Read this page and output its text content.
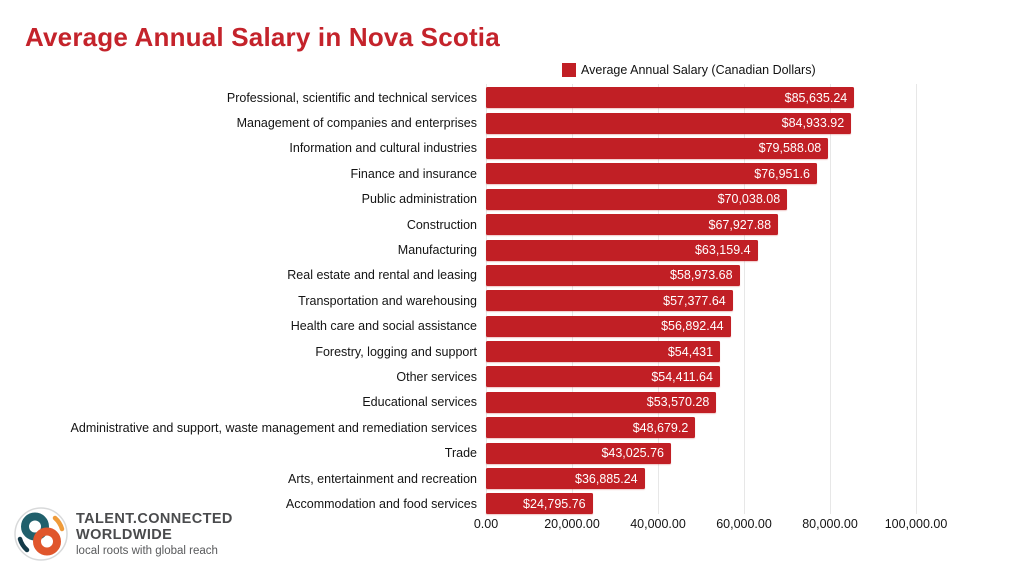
Average Annual Salary in Nova Scotia
Average Annual Salary (Canadian Dollars)
Professional, scientific and technical services	$85,635.24
Management of companies and enterprises	$84,933.92
Information and cultural industries	$79,588.08
Finance and insurance	$76,951.6
Public administration	$70,038.08
Construction	$67,927.88
Manufacturing	$63,159.4
Real estate and rental and leasing	$58,973.68
Transportation and warehousing	$57,377.64
Health care and social assistance	$56,892.44
Forestry, logging and support	$54,431
Other services	$54,411.64
Educational services	$53,570.28
Administrative and support, waste management and remediation services	$48,679.2
Trade	$43,025.76
Arts, entertainment and recreation	$36,885.24
Accommodation and food services	$24,795.76
0.00	20,000.00 40,000.00 60,000.00 80,000.00 100,000.00
TALENT.CONNECTED
WORLDWIDE
local roots with global reach
